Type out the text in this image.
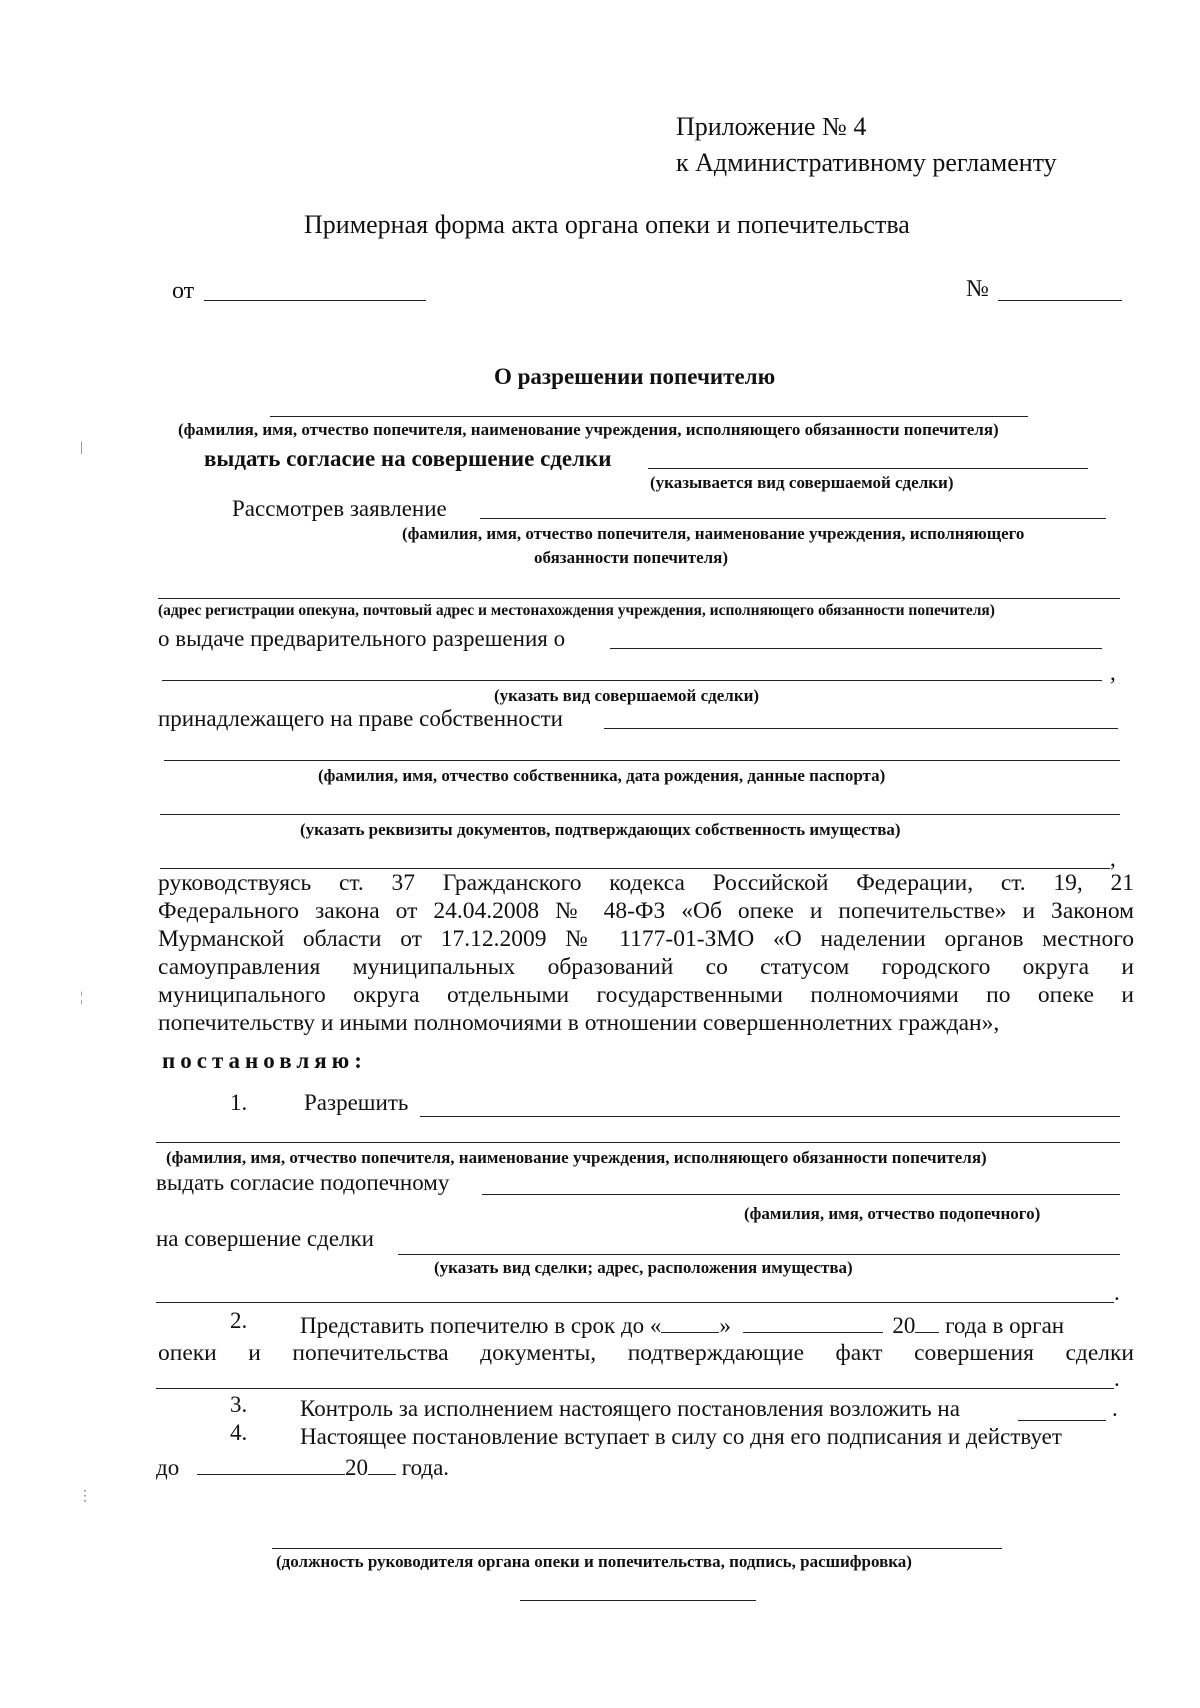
Приложение № 4
к Административному регламенту
Примерная форма акта органа опеки и попечительства
от	№
О разрешении попечителю
(фамилия, имя, отчество попечителя, наименование учреждения, исполняющего обязанности попечителя)
выдать согласие на совершение сделки
(указывается вид совершаемой сделки)
Рассмотрев заявление
(фамилия, имя, отчество попечителя, наименование учреждения, исполняющего
обязанности попечителя)
(адрес регистрации опекуна, почтовый адрес и местонахождения учреждения, исполняющего обязанности попечителя)
о выдаче предварительного разрешения о
,
(указать вид совершаемой сделки)
принадлежащего на праве собственности
(фамилия, имя, отчество собственника, дата рождения, данные паспорта)
(указать реквизиты документов, подтверждающих собственность имущества)
,
руководствуясь ст. 37 Гражданского кодекса Российской Федерации, ст. 19, 21
Федерального закона от 24.04.2008 № 48-ФЗ «Об опеке и попечительстве» и Законом
Мурманской области от 17.12.2009 № 1177-01-ЗМО «О наделении органов местного
самоуправления муниципальных образований со статусом городского округа и
муниципального округа отдельными государственными полномочиями по опеке и
попечительству и иными полномочиями в отношении совершеннолетних граждан»,
постановляю:
1. Разрешить
(фамилия, имя, отчество попечителя, наименование учреждения, исполняющего обязанности попечителя)
выдать согласие подопечному
(фамилия, имя, отчество подопечного)
на совершение сделки
(указать вид сделки; адрес, расположения имущества)
.
2. Представить попечителю в срок до «	»	20 года в орган
опеки и попечительства документы, подтверждающие факт совершения сделки
.
3. Контроль за исполнением настоящего постановления возложить на	.
4. Настоящее постановление вступает в силу со дня его подписания и действует
до	20 года.
(должность руководителя органа опеки и попечительства, подпись, расшифровка)
|
¦
⋮
